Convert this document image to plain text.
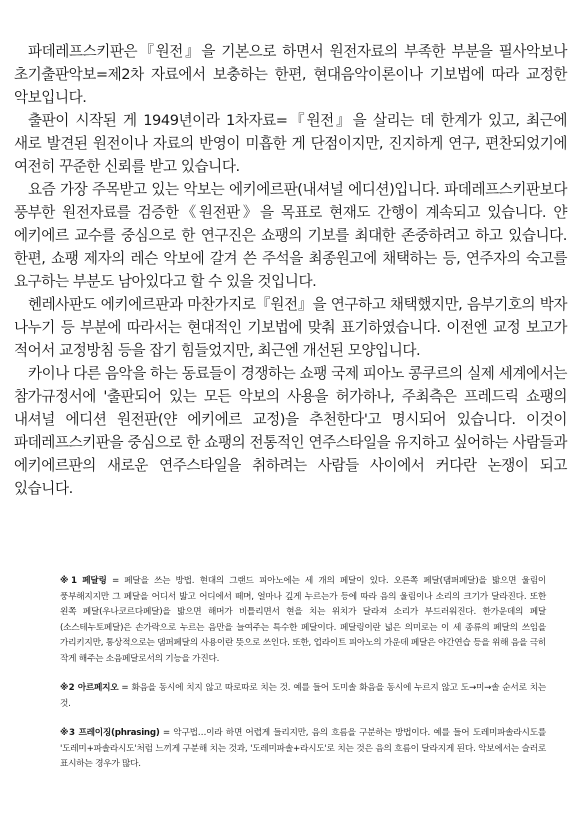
파데레프스키판은『원전』을 기본으로 하면서 원전자료의 부족한 부분을 필사악보나 초기출판악보=제2차 자료에서 보충하는 한편, 현대음악이론이나 기보법에 따라 교정한 악보입니다.

출판이 시작된 게 1949년이라 1차자료=『원전』을 살리는 데 한계가 있고, 최근에 새로 발견된 원전이나 자료의 반영이 미흡한 게 단점이지만, 진지하게 연구, 편찬되었기에 여전히 꾸준한 신뢰를 받고 있습니다.

요즘 가장 주목받고 있는 악보는 에키에르판(내셔널 에디션)입니다. 파데레프스키판보다 풍부한 원전자료를 검증한《원전판》을 목표로 현재도 간행이 계속되고 있습니다. 얀 에키에르 교수를 중심으로 한 연구진은 쇼팽의 기보를 최대한 존중하려고 하고 있습니다. 한편, 쇼팽 제자의 레슨 악보에 갈겨 쓴 주석을 최종원고에 채택하는 등, 연주자의 숙고를 요구하는 부분도 남아있다고 할 수 있을 것입니다.

헨레사판도 에키에르판과 마찬가지로『원전』을 연구하고 채택했지만, 음부기호의 박자 나누기 등 부분에 따라서는 현대적인 기보법에 맞춰 표기하였습니다. 이전엔 교정 보고가 적어서 교정방침 등을 잡기 힘들었지만, 최근엔 개선된 모양입니다.

카이나 다른 음악을 하는 동료들이 경쟁하는 쇼팽 국제 피아노 콩쿠르의 실제 세계에서는 참가규정서에 '출판되어 있는 모든 악보의 사용을 허가하나, 주최측은 프레드릭 쇼팽의 내셔널 에디션 원전판(얀 에키에르 교정)을 추천한다'고 명시되어 있습니다. 이것이 파데레프스키판을 중심으로 한 쇼팽의 전통적인 연주스타일을 유지하고 싶어하는 사람들과 에키에르판의 새로운 연주스타일을 취하려는 사람들 사이에서 커다란 논쟁이 되고 있습니다.

※1 페달링 = 페달을 쓰는 방법. 현대의 그랜드 피아노에는 세 개의 페달이 있다. 오른쪽 페달(댐퍼페달)을 밟으면 울림이 풍부해지지만 그 페달을 어디서 밟고 어디에서 떼며, 얼마나 깊게 누르는가 등에 따라 음의 울림이나 소리의 크기가 달라진다. 또한 왼쪽 페달(우나코르다페달)을 밟으면 해머가 비틀리면서 현을 치는 위치가 달라져 소리가 부드러워진다. 한가운데의 페달(소스테누토페달)은 손가락으로 누르는 음만을 늘여주는 특수한 페달이다. 페달링이란 넓은 의미로는 이 세 종류의 페달의 쓰임을 가리키지만, 통상적으로는 댐퍼페달의 사용이란 뜻으로 쓰인다. 또한, 업라이트 피아노의 가운데 페달은 야간연습 등을 위해 음을 극히 작게 해주는 소음페달로서의 기능을 가진다.

※2 아르페지오 = 화음을 동시에 치지 않고 따로따로 치는 것. 예를 들어 도미솔 화음을 동시에 누르지 않고 도→미→솔 순서로 치는 것.

※3 프레이징(phrasing) = 악구법…이라 하면 어렵게 들리지만, 음의 흐름을 구분하는 방법이다. 예를 들어 도레미파솔라시도를 '도레미+파솔라시도'처럼 느끼게 구분해 치는 것과, '도레미파솔+라시도'로 치는 것은 음의 흐름이 달라지게 된다. 악보에서는 슬러로 표시하는 경우가 많다.
